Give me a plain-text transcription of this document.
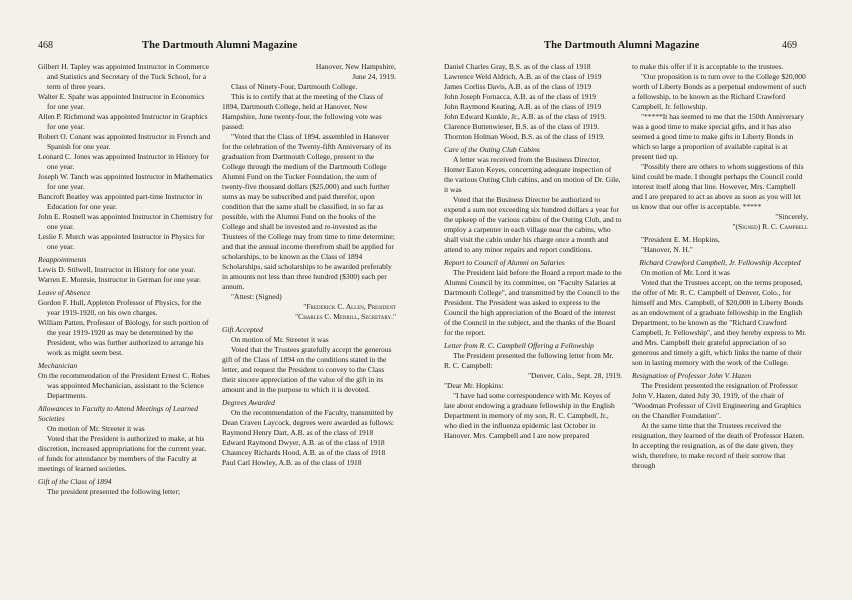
468	The Dartmouth Alumni Magazine

Gilbert H. Tapley was appointed Instructor in Commerce and Statistics and Secretary of the Tuck School, for a term of three years.

Walter E. Spahr was appointed Instructor in Economics for one year.

Allen P. Richmond was appointed Instructor in Graphics for one year.

Robert O. Conant was appointed Instructor in French and Spanish for one year.

Leonard C. Jones was appointed Instructor in History for one year.

Joseph W. Tanch was appointed Instructor in Mathematics for one year.

Bancroft Beatley was appointed part-time Instructor in Education for one year.

John E. Rosnell was appointed Instructor in Chemistry for one year.

Leslie F. Murch was appointed Instructor in Physics for one year.

Reappointments

Lewis D. Stilwell, Instructor in History for one year.

Warren E. Montsie, Instructor in German for one year.

Leave of Absence

Gordon F. Hull, Appleton Professor of Physics, for the year 1919-1920, on his own charges.

William Patten, Professor of Biology, for such portion of the year 1919-1920 as may be determined by the President, who was further authorized to arrange his work as might seem best.

Mechanician

On the recommendation of the President Ernest C. Robes was appointed Mechanician, assistant to the Science Departments.

Allowances to Faculty to Attend Meetings of Learned Societies

On motion of Mr. Streeter it was

Voted that the President is authorized to make, at his discretion, increased appropriations for the current year, of funds for attendance by members of the Faculty at meetings of learned societies.

Gift of the Class of 1894

The president presented the following letter;

Hanover, New Hampshire,

June 24, 1919.

Class of Ninety-Four, Dartmouth College.

This is to certify that at the meeting of the Class of 1894, Dartmouth College, held at Hanover, New Hampshire, June twenty-four, the following vote was passed:

"Voted that the Class of 1894, assembled in Hanover for the celebration of the Twenty-fifth Anniversary of its graduation from Dartmouth College, present to the College through the medium of the Dartmouth College Alumni Fund on the Tucker Foundation, the sum of twenty-five thousand dollars ($25,000) and such further sums as may be subscribed and paid therefor, upon condition that the same shall be classified, in so far as possible, with the Alumni Fund on the books of the College and shall be invested and re-invested as the Trustees of the College may from time to time determine; and that the annual income therefrom shall be applied for scholarships, to be known as the Class of 1894 Scholarships, said scholarships to be awarded preferably in amounts not less than three hundred ($300) each per annum.

"Attest: (Signed)

"Frederick C. Allen, President

"Charles C. Merrill, Secretary."

Gift Accepted

On motion of Mr. Streeter it was

Voted that the Trustees gratefully accept the generous gift of the Class of 1894 on the conditions stated in the letter, and request the President to convey to the Class their sincere appreciation of the value of the gift in its amount and in the purpose to which it is devoted.

Degrees Awarded

On the recommendation of the Faculty, transmitted by Dean Craven Laycock, degrees were awarded as follows:

Raymond Henry Dart, A.B. as of the class of 1918

Edward Raymond Dwyer, A.B. as of the class of 1918

Chauncey Richards Hood, A.B. as of the class of 1918

Paul Carl Howley, A.B. as of the class of 1918

The Dartmouth Alumni Magazine	469

Daniel Charles Gray, B.S. as of the class of 1918

Lawrence Weld Aldrich, A.B. as of the class of 1919

James Corliss Davis, A.B. as of the class of 1919

John Joseph Fornacca, A.B. as of the class of 1919

John Raymond Keating, A.B. as of the class of 1919

John Edward Kunkle, Jr., A.B. as of the class of 1919.

Clarence Buttenwieser, B.S. as of the class of 1919.

Thornton Holman Wood, B.S. as of the class of 1919.

Care of the Outing Club Cabins

A letter was received from the Business Director, Homer Eaton Keyes, concerning adequate inspection of the various Outing Club cabins, and on motion of Dr. Gile, it was

Voted that the Business Director be authorized to expend a sum not exceeding six hundred dollars a year for the upkeep of the various cabins of the Outing Club, and to employ a carpenter in each village near the cabins, who shall visit the cabin under his charge once a month and attend to any minor repairs and report conditions.

Report to Council of Alumni on Salaries

The President laid before the Board a report made to the Alumni Council by its committee, on "Faculty Salaries at Dartmouth College", and transmitted by the Council to the President. The President was asked to express to the Council the high appreciation of the Board of the interest of the Council in the subject, and the thanks of the Board for the report.

Letter from R. C. Campbell Offering a Fellowship

The President presented the following letter from Mr. R. C. Campbell:

"Denver, Colo., Sept. 28, 1919.

"Dear Mr. Hopkins:

"I have had some correspondence with Mr. Keyes of late about endowing a graduate fellowship in the English Department in memory of my son, R. C. Campbell, Jr., who died in the influenza epidemic last October in Hanover. Mrs. Campbell and I are now prepared

to make this offer if it is acceptable to the trustees.

"Our proposition is to turn over to the College $20,000 worth of Liberty Bonds as a perpetual endowment of such a fellowship, to be known as the Richard Crawford Campbell, Jr. fellowship.

"*****It has seemed to me that the 150th Anniversary was a good time to make special gifts, and it has also seemed a good time to make gifts in Liberty Bonds in which so large a proportion of available capital is at present tied up.

"Possibly there are others to whom suggestions of this kind could be made. I thought perhaps the Council could interest itself along that line. However, Mrs. Campbell and I are prepared to act as above as soon as you will let us know that our offer is acceptable. *****

"Sincerely,

"(Signed) R. C. Campbell

"President E. M. Hopkins,

"Hanover, N. H."

Richard Crawford Campbell, Jr. Fellowship Accepted

On motion of Mr. Lord it was

Voted that the Trustees accept, on the terms proposed, the offer of Mr. R. C. Campbell of Denver, Colo., for himself and Mrs. Campbell, of $20,000 in Liberty Bonds as an endowment of a graduate fellowship in the English Department, to be known as the "Richard Crawford Campbell, Jr. Fellowship", and they hereby express to Mr. and Mrs. Campbell their grateful appreciation of so generous and timely a gift, which links the name of their son in lasting memory with the work of the College.

Resignation of Professor John V. Hazen

The President presented the resignation of Professor John V. Hazen, dated July 30, 1919, of the chair of "Woodman Professor of Civil Engineering and Graphics on the Chandler Foundation".

At the same time that the Trustees received the resignation, they learned of the death of Professor Hazen. In accepting the resignation, as of the date given, they wish, therefore, to make record of their sorrow that through
